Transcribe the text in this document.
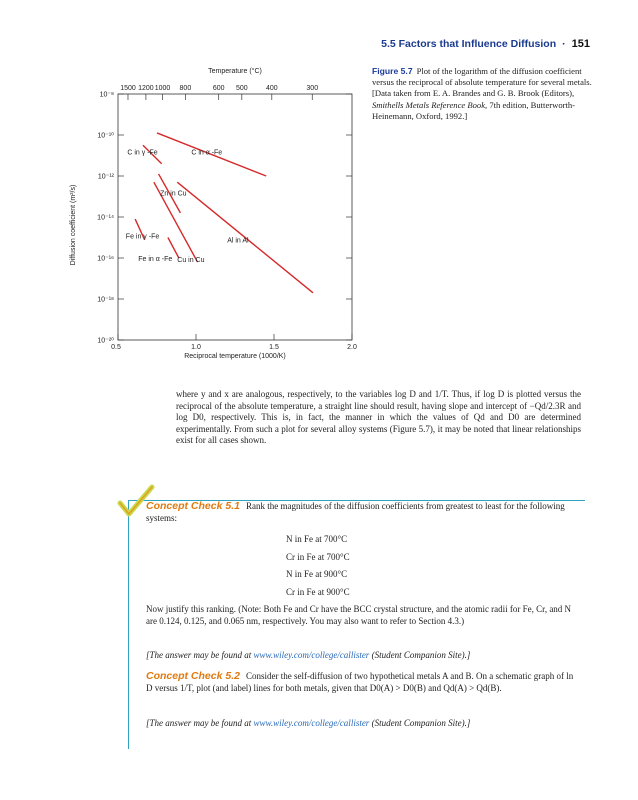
5.5 Factors that Influence Diffusion · 151
Temperature (°C)
Reciprocal temperature (1000/K)
Diffusion coefficient (m²/s)
10⁻⁸
10⁻¹⁰
10⁻¹²
10⁻¹⁴
10⁻¹⁶
10⁻¹⁸
10⁻²⁰
0.5	1.0	1.5	2.0
1500 1200 1000 800	600 500	400	300
C in γ -Fe	C in α -Fe
Zn in Cu
Fe in γ -Fe
Al in Al
Fe in α -Fe Cu in Cu
Figure 5.7 Plot of the logarithm of the diffusion coefficient versus the reciprocal of absolute temperature for several metals.
[Data taken from E. A. Brandes and G. B. Brook (Editors), Smithells Metals Reference Book, 7th edition, Butterworth-Heinemann, Oxford, 1992.]
where y and x are analogous, respectively, to the variables log D and 1/T. Thus, if log D is plotted versus the reciprocal of the absolute temperature, a straight line should result, having slope and intercept of −Qd/2.3R and log D0, respectively. This is, in fact, the manner in which the values of Qd and D0 are determined experimentally. From such a plot for several alloy systems (Figure 5.7), it may be noted that linear relationships exist for all cases shown.
Concept Check 5.1 Rank the magnitudes of the diffusion coefficients from greatest to least for the following systems:
N in Fe at 700°C
Cr in Fe at 700°C
N in Fe at 900°C
Cr in Fe at 900°C
Now justify this ranking. (Note: Both Fe and Cr have the BCC crystal structure, and the atomic radii for Fe, Cr, and N are 0.124, 0.125, and 0.065 nm, respectively. You may also want to refer to Section 4.3.)
[The answer may be found at www.wiley.com/college/callister (Student Companion Site).]
Concept Check 5.2 Consider the self-diffusion of two hypothetical metals A and B. On a schematic graph of ln D versus 1/T, plot (and label) lines for both metals, given that D0(A) > D0(B) and Qd(A) > Qd(B).
[The answer may be found at www.wiley.com/college/callister (Student Companion Site).]
